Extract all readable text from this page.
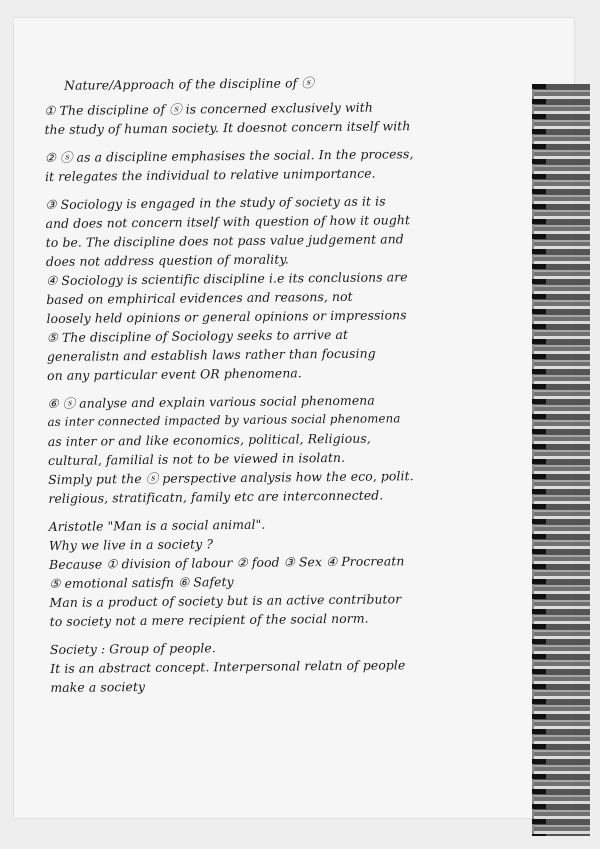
Nature/Approach of the discipline of ⓢ
① The discipline of ⓢ is concerned exclusively with
the study of human society. It doesnot concern itself with
② ⓢ as a discipline emphasises the social. In the process,
it relegates the individual to relative unimportance.
③ Sociology is engaged in the study of society as it is
and does not concern itself with question of how it ought
to be. The discipline does not pass value judgement and
does not address question of morality.
④ Sociology is scientific discipline i.e its conclusions are
based on emphirical evidences and reasons, not
loosely held opinions or general opinions or impressions
⑤ The discipline of Sociology seeks to arrive at
generalistn and establish laws rather than focusing
on any particular event OR phenomena.
⑥ ⓢ analyse and explain various social phenomena
as inter connected impacted by various social phenomena
as inter or and like economics, political, Religious,
cultural, familial is not to be viewed in isolatn.
Simply put the ⓢ perspective analysis how the eco, polit.
religious, stratificatn, family etc are interconnected.
Aristotle "Man is a social animal".
Why we live in a society ?
Because ① division of labour ② food ③ Sex ④ Procreatn
⑤ emotional satisfn ⑥ Safety
Man is a product of society but is an active contributor
to society not a mere recipient of the social norm.
Society : Group of people.
It is an abstract concept. Interpersonal relatn of people
make a society
